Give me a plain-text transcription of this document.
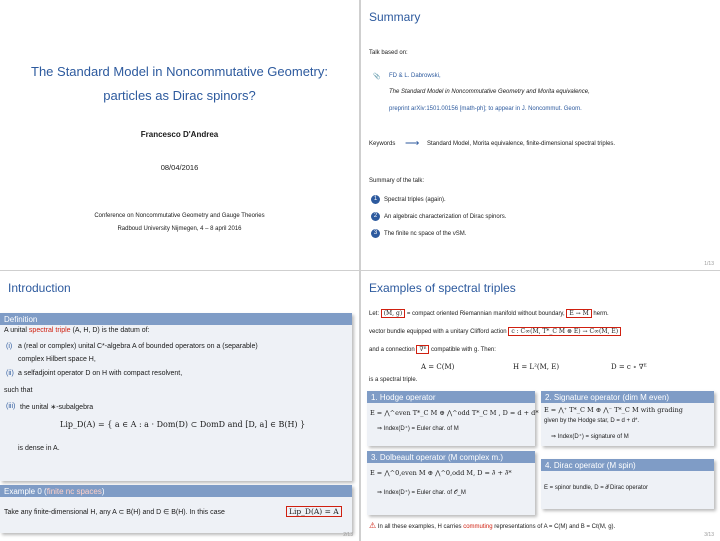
The Standard Model in Noncommutative Geometry:
particles as Dirac spinors?
Francesco D'Andrea
08/04/2016
Conference on Noncommutative Geometry and Gauge Theories
Radboud University Nijmegen, 4 – 8 april 2016
Summary
Talk based on:
📎 FD & L. Dabrowski,
The Standard Model in Noncommutative Geometry and Morita equivalence,
preprint arXiv:1501.00156 [math-ph]; to appear in J. Noncommut. Geom.
Keywords ⟶ Standard Model, Morita equivalence, finite-dimensional spectral triples.
Summary of the talk:
1 Spectral triples (again).
2 An algebraic characterization of Dirac spinors.
3 The finite nc space of the νSM.
1/13
Introduction
Definition
A unital spectral triple (A, H, D) is the datum of:
(i) a (real or complex) unital C*-algebra A of bounded operators on a (separable)
complex Hilbert space H,
(ii) a selfadjoint operator D on H with compact resolvent,
such that
(iii) the unital ∗-subalgebra
Lip_D(A) = { a ∈ A : a · Dom(D) ⊂ DomD and [D, a] ∈ B(H) }
is dense in A.
Example 0 (finite nc spaces)
Take any finite-dimensional H, any A ⊂ B(H) and D ∈ B(H). In this case	Lip_D(A) = A
2/13
Examples of spectral triples
Let: (M, g) = compact oriented Riemannian manifold without boundary, E → M herm.
vector bundle equipped with a unitary Clifford action c : C∞(M, T*_C M ⊗ E) → C∞(M, E)
and a connection ∇ᴱ compatible with g. Then:
A = C(M)	H = L²(M, E)	D = c ∘ ∇ᴱ
is a spectral triple.
1. Hodge operator
E = ⋀^even T*_C M ⊕ ⋀^odd T*_C M , D = d + d*
⇒ Index(D⁺) = Euler char. of M
2. Signature operator (dim M even)
E = ⋀⁺ T*_C M ⊕ ⋀⁻ T*_C M with grading
given by the Hodge star, D = d + d*.
⇒ Index(D⁺) = signature of M
3. Dolbeault operator (M complex m.)
E = ⋀^0,even M ⊕ ⋀^0,odd M, D = ∂̄ + ∂̄*
⇒ Index(D⁺) = Euler char. of 𝒪_M
4. Dirac operator (M spin)
E = spinor bundle, D = ∂̸ Dirac operator
⚠ In all these examples, H carries commuting representations of A = C(M) and B = Cℓ(M, g).
3/13
